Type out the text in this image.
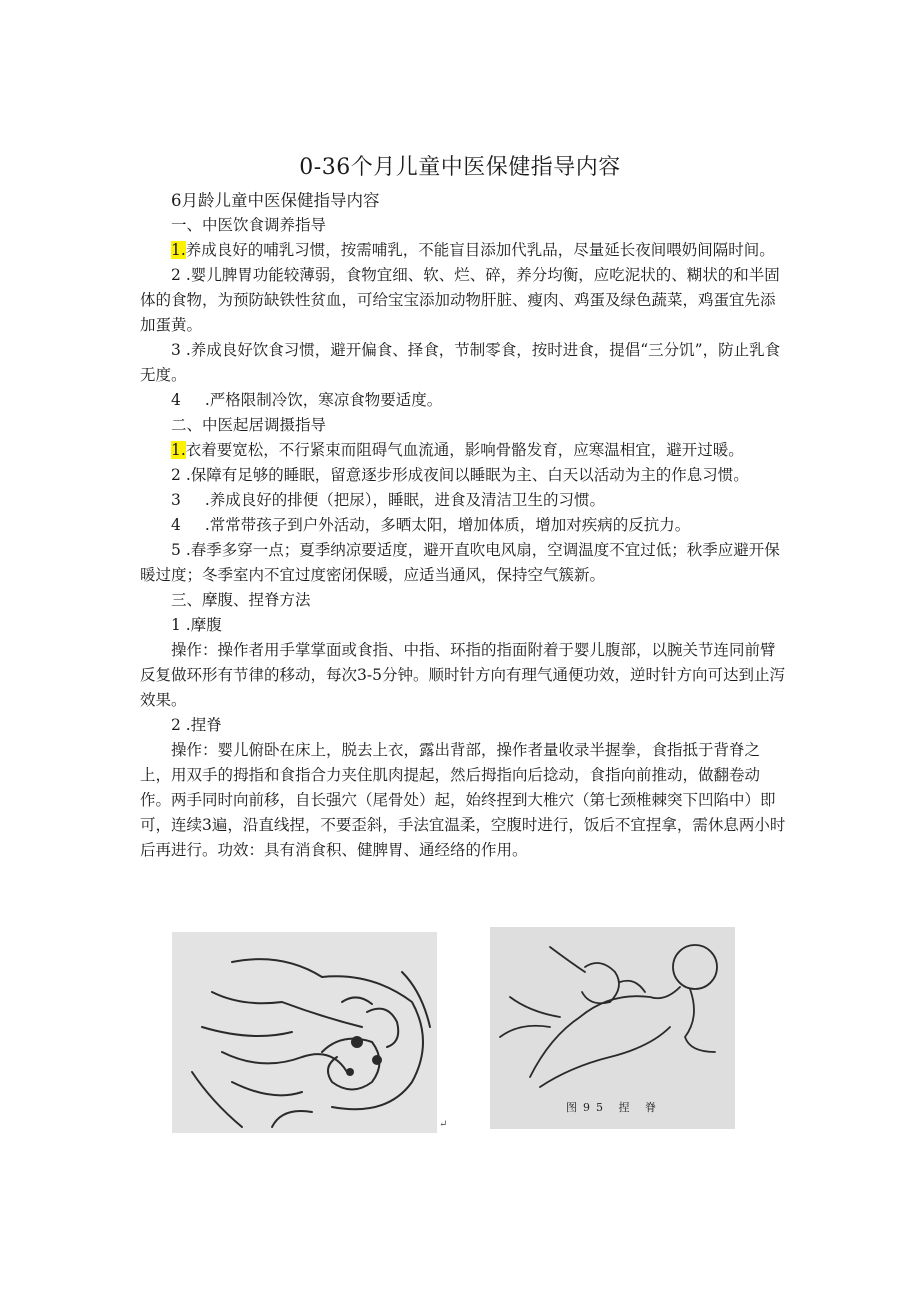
0-36个月儿童中医保健指导内容

6月龄儿童中医保健指导内容

一、中医饮食调养指导

1.养成良好的哺乳习惯，按需哺乳，不能盲目添加代乳品，尽量延长夜间喂奶间隔时间。

2 .婴儿脾胃功能较薄弱，食物宜细、软、烂、碎，养分均衡，应吃泥状的、糊状的和半固体的食物，为预防缺铁性贫血，可给宝宝添加动物肝脏、瘦肉、鸡蛋及绿色蔬菜，鸡蛋宜先添加蛋黄。

3 .养成良好饮食习惯，避开偏食、择食，节制零食，按时进食，提倡“三分饥”，防止乳食无度。

4 .严格限制冷饮，寒凉食物要适度。

二、中医起居调摄指导

1.衣着要宽松，不行紧束而阻碍气血流通，影响骨骼发育，应寒温相宜，避开过暖。

2 .保障有足够的睡眠，留意逐步形成夜间以睡眠为主、白天以活动为主的作息习惯。

3 .养成良好的排便（把尿），睡眠，进食及清洁卫生的习惯。

4 .常常带孩子到户外活动，多晒太阳，增加体质，增加对疾病的反抗力。

5 .春季多穿一点；夏季纳凉要适度，避开直吹电风扇，空调温度不宜过低；秋季应避开保暖过度；冬季室内不宜过度密闭保暖，应适当通风，保持空气簇新。

三、摩腹、捏脊方法

1 .摩腹

操作：操作者用手掌掌面或食指、中指、环指的指面附着于婴儿腹部，以腕关节连同前臂反复做环形有节律的移动，每次3-5分钟。顺时针方向有理气通便功效，逆时针方向可达到止泻效果。

2 .捏脊

操作：婴儿俯卧在床上，脱去上衣，露出背部，操作者量收录半握拳，食指抵于背脊之上，用双手的拇指和食指合力夹住肌肉提起，然后拇指向后捻动，食指向前推动，做翻卷动作。两手同时向前移，自长强穴（尾骨处）起，始终捏到大椎穴（第七颈椎棘突下凹陷中）即可，连续3遍，沿直线捏，不要歪斜，手法宜温柔，空腹时进行，饭后不宜捏拿，需休息两小时后再进行。功效：具有消食积、健脾胃、通经络的作用。

↵
图95 捏 脊
